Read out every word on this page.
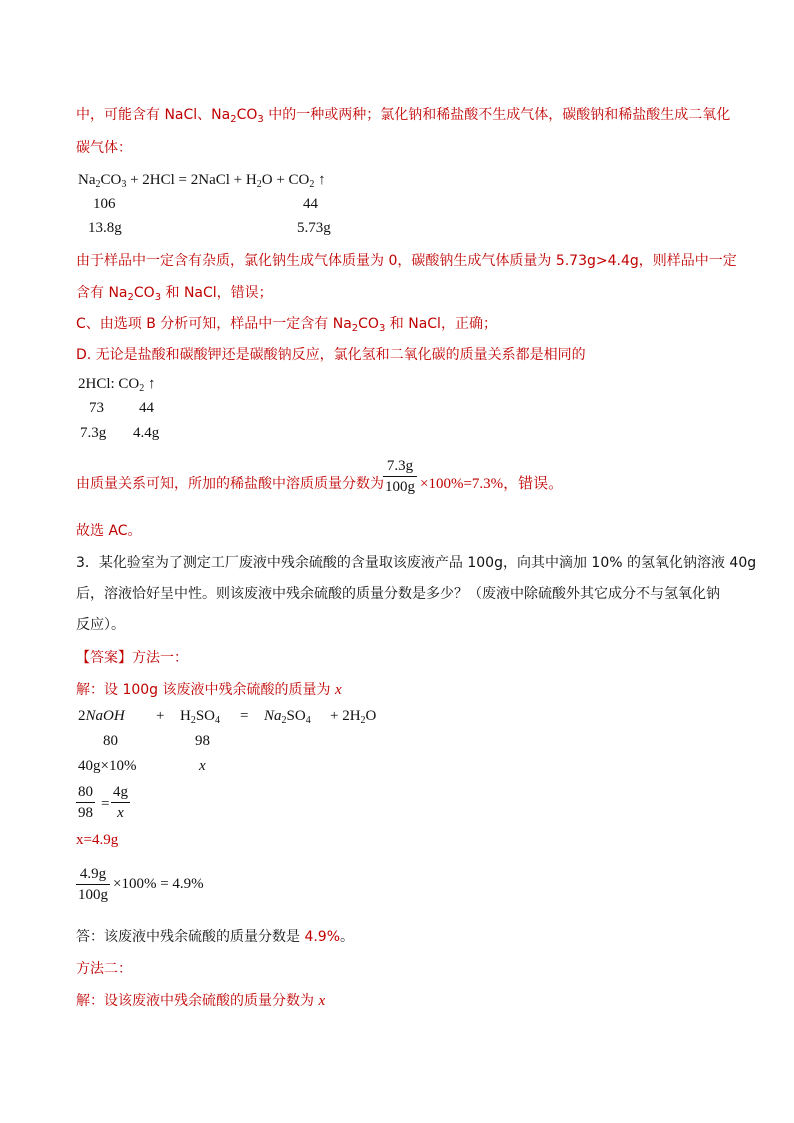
中，可能含有 NaCl、$Na_2CO_3$ 中的一种或两种；氯化钠和稀盐酸不生成气体，碳酸钠和稀盐酸生成二氧化
碳气体：
$Na_2CO_3 + 2HCl$ = 2NaCl + $H_2O + CO_2$ ↑
106	44
13.8g	5.73g
由于样品中一定含有杂质，氯化钠生成气体质量为 0，碳酸钠生成气体质量为 5.73g>4.4g，则样品中一定
含有 $Na_2CO_3$ 和 NaCl，错误；
C、由选项 B 分析可知，样品中一定含有 $Na_2CO_3$ 和 NaCl，正确；
D. 无论是盐酸和碳酸钾还是碳酸钠反应，氯化氢和二氧化碳的质量关系都是相同的
2HCl: $CO_2$ ↑
73 44
7.3g 4.4g
由质量关系可知，所加的稀盐酸中溶质质量分数为 $\frac{7.3g}{100g} \times 100\%=7.3\%$，错误。
故选 AC。
3．某化验室为了测定工厂废液中残余硫酸的含量取该废液产品 100g，向其中滴加 10% 的氢氧化钠溶液 40g
后，溶液恰好呈中性。则该废液中残余硫酸的质量分数是多少？（废液中除硫酸外其它成分不与氢氧化钠
反应）。
【答案】方法一：
解：设 100g 该废液中残余硫酸的质量为 x
2NaOH + $H_2SO_4 = Na_2SO_4 + 2H_2O$
80	98
40g×10%	x
$\frac{80}{98} = \frac{4g}{x}$
x=4.9g
$\frac{4.9g}{100g} \times 100\% = 4.9\%$
答：该废液中残余硫酸的质量分数是 4.9%。
方法二：
解：设该废液中残余硫酸的质量分数为 x
